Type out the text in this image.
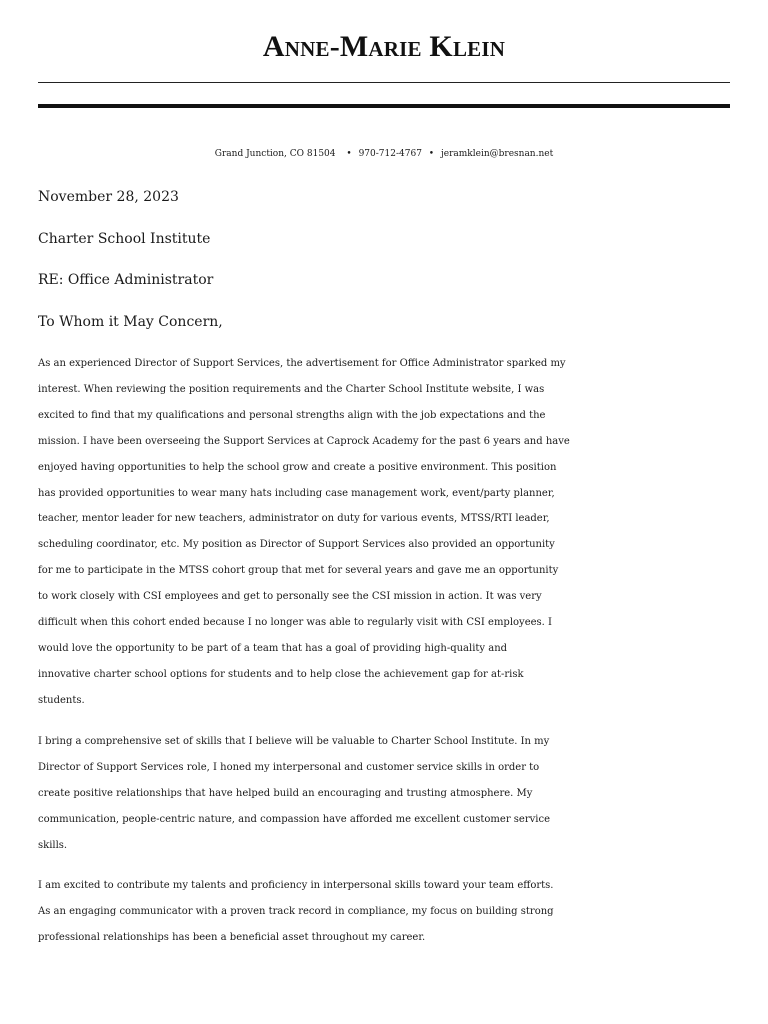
Anne-Marie Klein
Grand Junction, CO 81504 • 970-712-4767 • jeramklein@bresnan.net
November 28, 2023
Charter School Institute
RE: Office Administrator
To Whom it May Concern,
As an experienced Director of Support Services, the advertisement for Office Administrator sparked my
interest. When reviewing the position requirements and the Charter School Institute website, I was
excited to find that my qualifications and personal strengths align with the job expectations and the
mission. I have been overseeing the Support Services at Caprock Academy for the past 6 years and have
enjoyed having opportunities to help the school grow and create a positive environment. This position
has provided opportunities to wear many hats including case management work, event/party planner,
teacher, mentor leader for new teachers, administrator on duty for various events, MTSS/RTI leader,
scheduling coordinator, etc. My position as Director of Support Services also provided an opportunity
for me to participate in the MTSS cohort group that met for several years and gave me an opportunity
to work closely with CSI employees and get to personally see the CSI mission in action. It was very
difficult when this cohort ended because I no longer was able to regularly visit with CSI employees. I
would love the opportunity to be part of a team that has a goal of providing high-quality and
innovative charter school options for students and to help close the achievement gap for at-risk
students.
I bring a comprehensive set of skills that I believe will be valuable to Charter School Institute. In my
Director of Support Services role, I honed my interpersonal and customer service skills in order to
create positive relationships that have helped build an encouraging and trusting atmosphere. My
communication, people-centric nature, and compassion have afforded me excellent customer service
skills.
I am excited to contribute my talents and proficiency in interpersonal skills toward your team efforts.
As an engaging communicator with a proven track record in compliance, my focus on building strong
professional relationships has been a beneficial asset throughout my career.
